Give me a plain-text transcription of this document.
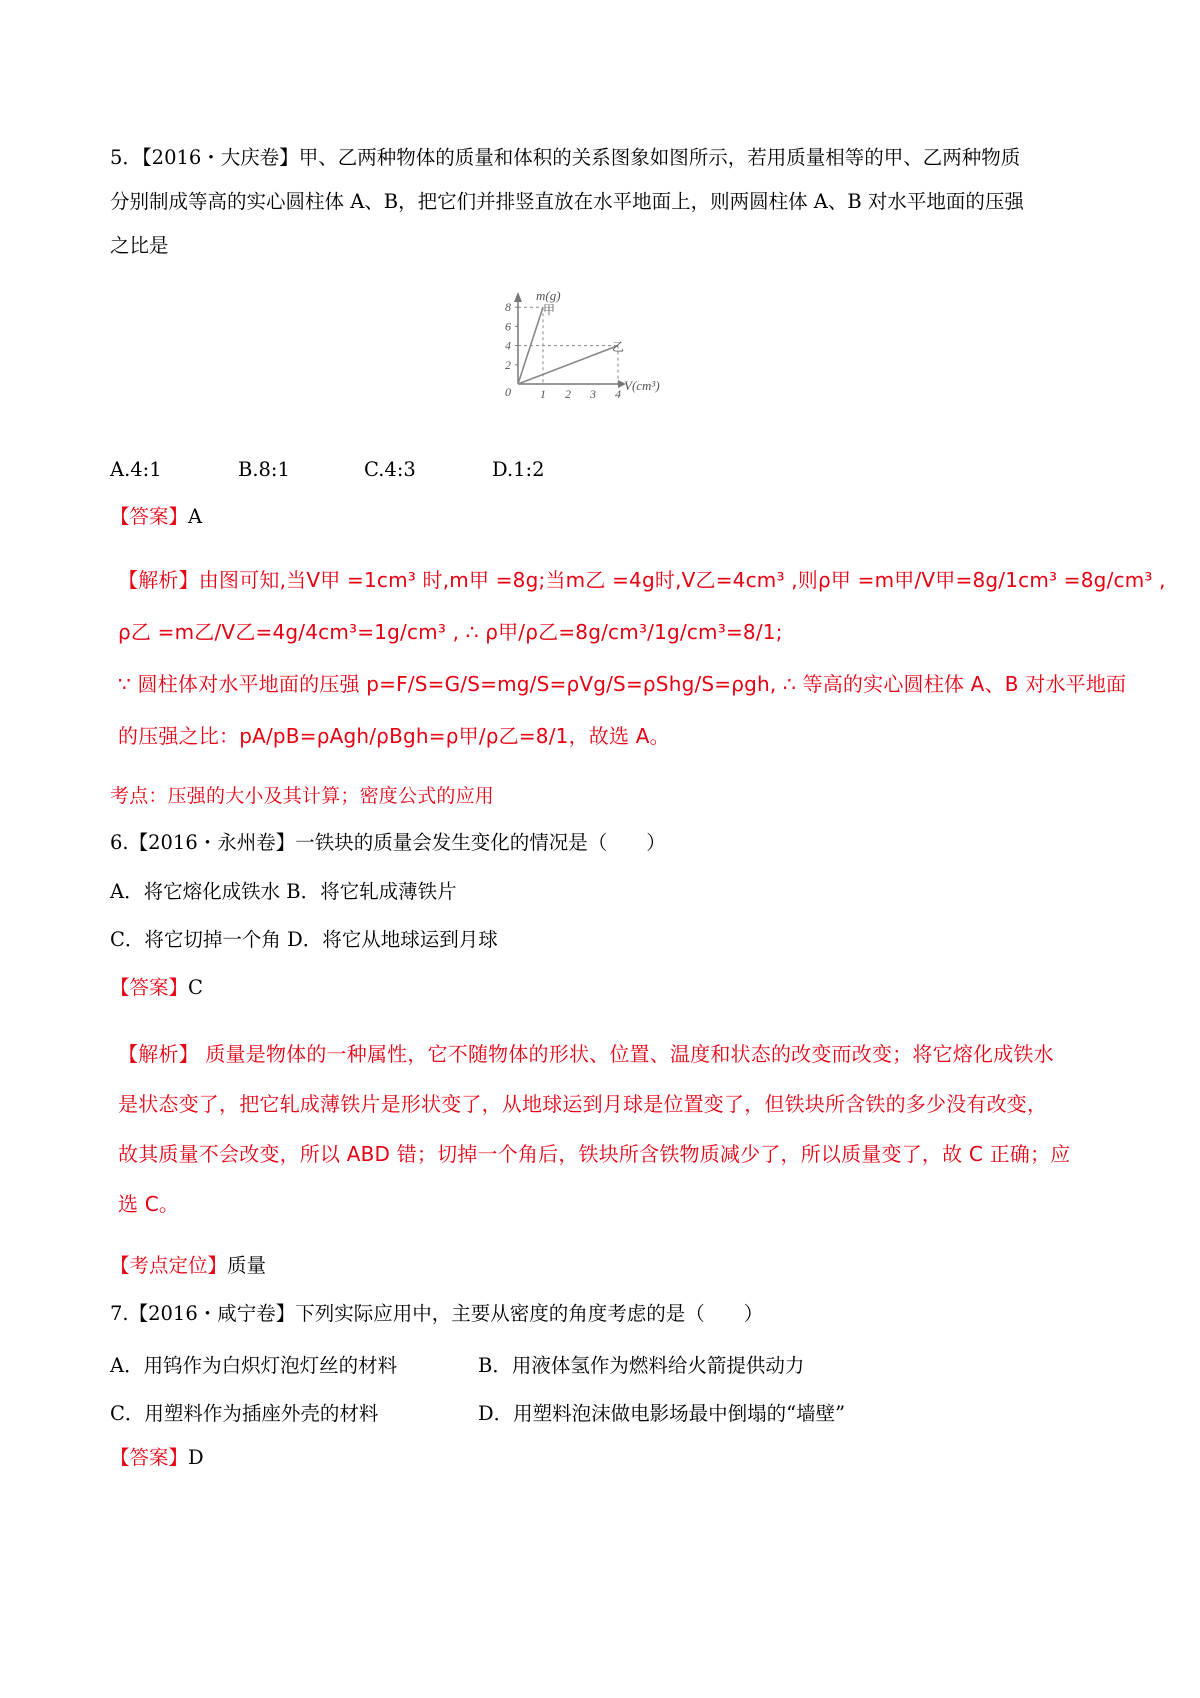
5．【2016・大庆卷】甲、乙两种物体的质量和体积的关系图象如图所示，若用质量相等的甲、乙两种物质
分别制成等高的实心圆柱体 A、B，把它们并排竖直放在水平地面上，则两圆柱体 A、B 对水平地面的压强
之比是
8
6
4
2
1 2 3 4
m(g)
V(cm³)
0
甲
乙
A.4:1	B.8:1	C.4:3	D.1:2
【答案】A
【解析】由图可知,当V甲 =1cm³ 时,m甲 =8g;当m乙 =4g时,V乙=4cm³ ,则ρ甲 =m甲/V甲=8g/1cm³ =8g/cm³ ,
ρ乙 =m乙/V乙=4g/4cm³=1g/cm³ , ∴ ρ甲/ρ乙=8g/cm³/1g/cm³=8/1;
∵ 圆柱体对水平地面的压强 p=F/S=G/S=mg/S=ρVg/S=ρShg/S=ρgh, ∴ 等高的实心圆柱体 A、B 对水平地面
的压强之比：pA/pB=ρAgh/ρBgh=ρ甲/ρ乙=8/1，故选 A。
考点：压强的大小及其计算；密度公式的应用
6.【2016・永州卷】一铁块的质量会发生变化的情况是（　　）
A．将它熔化成铁水 B．将它轧成薄铁片
C．将它切掉一个角 D．将它从地球运到月球
【答案】C
【解析】 质量是物体的一种属性，它不随物体的形状、位置、温度和状态的改变而改变；将它熔化成铁水
是状态变了，把它轧成薄铁片是形状变了，从地球运到月球是位置变了，但铁块所含铁的多少没有改变，
故其质量不会改变，所以 ABD 错；切掉一个角后，铁块所含铁物质减少了，所以质量变了，故 C 正确；应
选 C。
【考点定位】质量
7.【2016・咸宁卷】下列实际应用中，主要从密度的角度考虑的是（　　）
A．用钨作为白炽灯泡灯丝的材料	B．用液体氢作为燃料给火箭提供动力
C．用塑料作为插座外壳的材料	D．用塑料泡沫做电影场最中倒塌的“墙壁”
【答案】D
